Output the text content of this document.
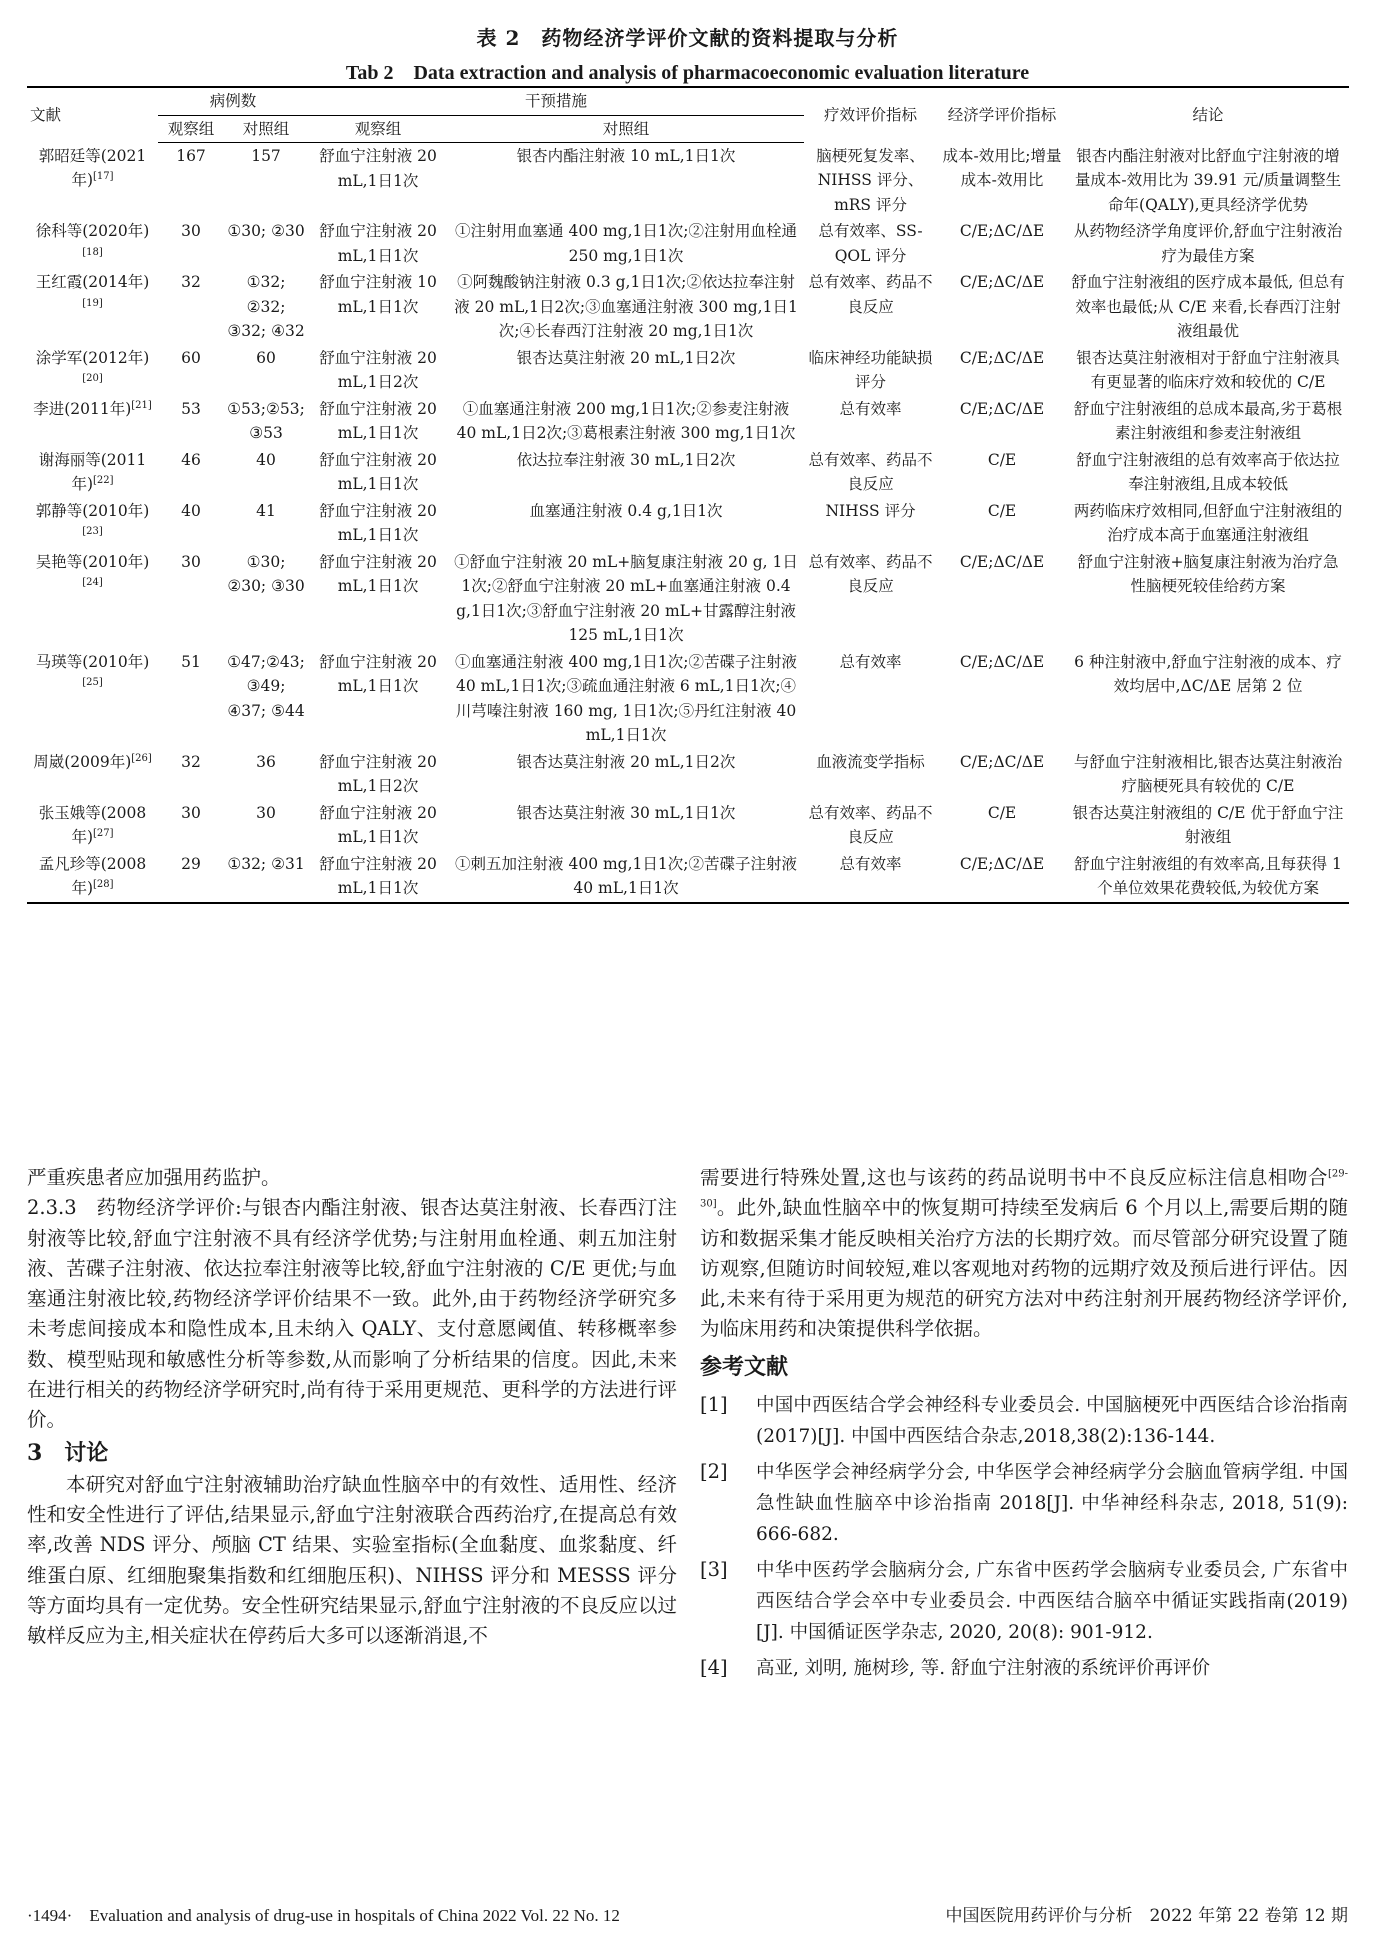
表 2　药物经济学评价文献的资料提取与分析
Tab 2　Data extraction and analysis of pharmacoeconomic evaluation literature
文献	病例数		干预措施		疗效评价指标	经济学评价指标	结论
	观察组	对照组	观察组	对照组			
郭昭廷等(2021年)[17]	167	157	舒血宁注射液 20 mL,1日1次	银杏内酯注射液 10 mL,1日1次	脑梗死复发率、NIHSS 评分、mRS 评分	成本-效用比;增量成本-效用比	银杏内酯注射液对比舒血宁注射液的增量成本-效用比为 39.91 元/质量调整生命年(QALY),更具经济学优势
徐科等(2020年)[18]	30	①30; ②30	舒血宁注射液 20 mL,1日1次	①注射用血塞通 400 mg,1日1次;②注射用血栓通 250 mg,1日1次	总有效率、SS-QOL 评分	C/E;ΔC/ΔE	从药物经济学角度评价,舒血宁注射液治疗为最佳方案
王红霞(2014年)[19]	32	①32; ②32; ③32; ④32	舒血宁注射液 10 mL,1日1次	①阿魏酸钠注射液 0.3 g,1日1次;②依达拉奉注射液 20 mL,1日2次;③血塞通注射液 300 mg,1日1次;④长春西汀注射液 20 mg,1日1次	总有效率、药品不良反应	C/E;ΔC/ΔE	舒血宁注射液组的医疗成本最低, 但总有效率也最低;从 C/E 来看,长春西汀注射液组最优
涂学军(2012年)[20]	60	60	舒血宁注射液 20 mL,1日2次	银杏达莫注射液 20 mL,1日2次	临床神经功能缺损评分	C/E;ΔC/ΔE	银杏达莫注射液相对于舒血宁注射液具有更显著的临床疗效和较优的 C/E
李进(2011年)[21]	53	①53;②53; ③53	舒血宁注射液 20 mL,1日1次	①血塞通注射液 200 mg,1日1次;②参麦注射液 40 mL,1日2次;③葛根素注射液 300 mg,1日1次	总有效率	C/E;ΔC/ΔE	舒血宁注射液组的总成本最高,劣于葛根素注射液组和参麦注射液组
谢海丽等(2011年)[22]	46	40	舒血宁注射液 20 mL,1日1次	依达拉奉注射液 30 mL,1日2次	总有效率、药品不良反应	C/E	舒血宁注射液组的总有效率高于依达拉奉注射液组,且成本较低
郭静等(2010年)[23]	40	41	舒血宁注射液 20 mL,1日1次	血塞通注射液 0.4 g,1日1次	NIHSS 评分	C/E	两药临床疗效相同,但舒血宁注射液组的治疗成本高于血塞通注射液组
吴艳等(2010年)[24]	30	①30; ②30; ③30	舒血宁注射液 20 mL,1日1次	①舒血宁注射液 20 mL+脑复康注射液 20 g, 1日1次;②舒血宁注射液 20 mL+血塞通注射液 0.4 g,1日1次;③舒血宁注射液 20 mL+甘露醇注射液 125 mL,1日1次	总有效率、药品不良反应	C/E;ΔC/ΔE	舒血宁注射液+脑复康注射液为治疗急性脑梗死较佳给药方案
马瑛等(2010年)[25]	51	①47;②43; ③49; ④37; ⑤44	舒血宁注射液 20 mL,1日1次	①血塞通注射液 400 mg,1日1次;②苦碟子注射液 40 mL,1日1次;③疏血通注射液 6 mL,1日1次;④川芎嗪注射液 160 mg, 1日1次;⑤丹红注射液 40 mL,1日1次	总有效率	C/E;ΔC/ΔE	6 种注射液中,舒血宁注射液的成本、疗效均居中,ΔC/ΔE 居第 2 位
周崴(2009年)[26]	32	36	舒血宁注射液 20 mL,1日2次	银杏达莫注射液 20 mL,1日2次	血液流变学指标	C/E;ΔC/ΔE	与舒血宁注射液相比,银杏达莫注射液治疗脑梗死具有较优的 C/E
张玉娥等(2008年)[27]	30	30	舒血宁注射液 20 mL,1日1次	银杏达莫注射液 30 mL,1日1次	总有效率、药品不良反应	C/E	银杏达莫注射液组的 C/E 优于舒血宁注射液组
孟凡珍等(2008年)[28]	29	①32; ②31	舒血宁注射液 20 mL,1日1次	①刺五加注射液 400 mg,1日1次;②苦碟子注射液 40 mL,1日1次	总有效率	C/E;ΔC/ΔE	舒血宁注射液组的有效率高,且每获得 1 个单位效果花费较低,为较优方案

严重疾患者应加强用药监护。

2.3.3　药物经济学评价:与银杏内酯注射液、银杏达莫注射液、长春西汀注射液等比较,舒血宁注射液不具有经济学优势;与注射用血栓通、刺五加注射液、苦碟子注射液、依达拉奉注射液等比较,舒血宁注射液的 C/E 更优;与血塞通注射液比较,药物经济学评价结果不一致。此外,由于药物经济学研究多未考虑间接成本和隐性成本,且未纳入 QALY、支付意愿阈值、转移概率参数、模型贴现和敏感性分析等参数,从而影响了分析结果的信度。因此,未来在进行相关的药物经济学研究时,尚有待于采用更规范、更科学的方法进行评价。

3　讨论

本研究对舒血宁注射液辅助治疗缺血性脑卒中的有效性、适用性、经济性和安全性进行了评估,结果显示,舒血宁注射液联合西药治疗,在提高总有效率,改善 NDS 评分、颅脑 CT 结果、实验室指标(全血黏度、血浆黏度、纤维蛋白原、红细胞聚集指数和红细胞压积)、NIHSS 评分和 MESSS 评分等方面均具有一定优势。安全性研究结果显示,舒血宁注射液的不良反应以过敏样反应为主,相关症状在停药后大多可以逐渐消退,不

需要进行特殊处置,这也与该药的药品说明书中不良反应标注信息相吻合[29-30]。此外,缺血性脑卒中的恢复期可持续至发病后 6 个月以上,需要后期的随访和数据采集才能反映相关治疗方法的长期疗效。而尽管部分研究设置了随访观察,但随访时间较短,难以客观地对药物的远期疗效及预后进行评估。因此,未来有待于采用更为规范的研究方法对中药注射剂开展药物经济学评价,为临床用药和决策提供科学依据。

参考文献

[1]	中国中西医结合学会神经科专业委员会. 中国脑梗死中西医结合诊治指南(2017)[J]. 中国中西医结合杂志,2018,38(2):136-144.
[2]	中华医学会神经病学分会, 中华医学会神经病学分会脑血管病学组. 中国急性缺血性脑卒中诊治指南 2018[J]. 中华神经科杂志, 2018, 51(9): 666-682.
[3]	中华中医药学会脑病分会, 广东省中医药学会脑病专业委员会, 广东省中西医结合学会卒中专业委员会. 中西医结合脑卒中循证实践指南(2019)[J]. 中国循证医学杂志, 2020, 20(8): 901-912.
[4]	高亚, 刘明, 施树珍, 等. 舒血宁注射液的系统评价再评价
·1494·　Evaluation and analysis of drug-use in hospitals of China 2022 Vol. 22 No. 12	中国医院用药评价与分析　2022 年第 22 卷第 12 期
